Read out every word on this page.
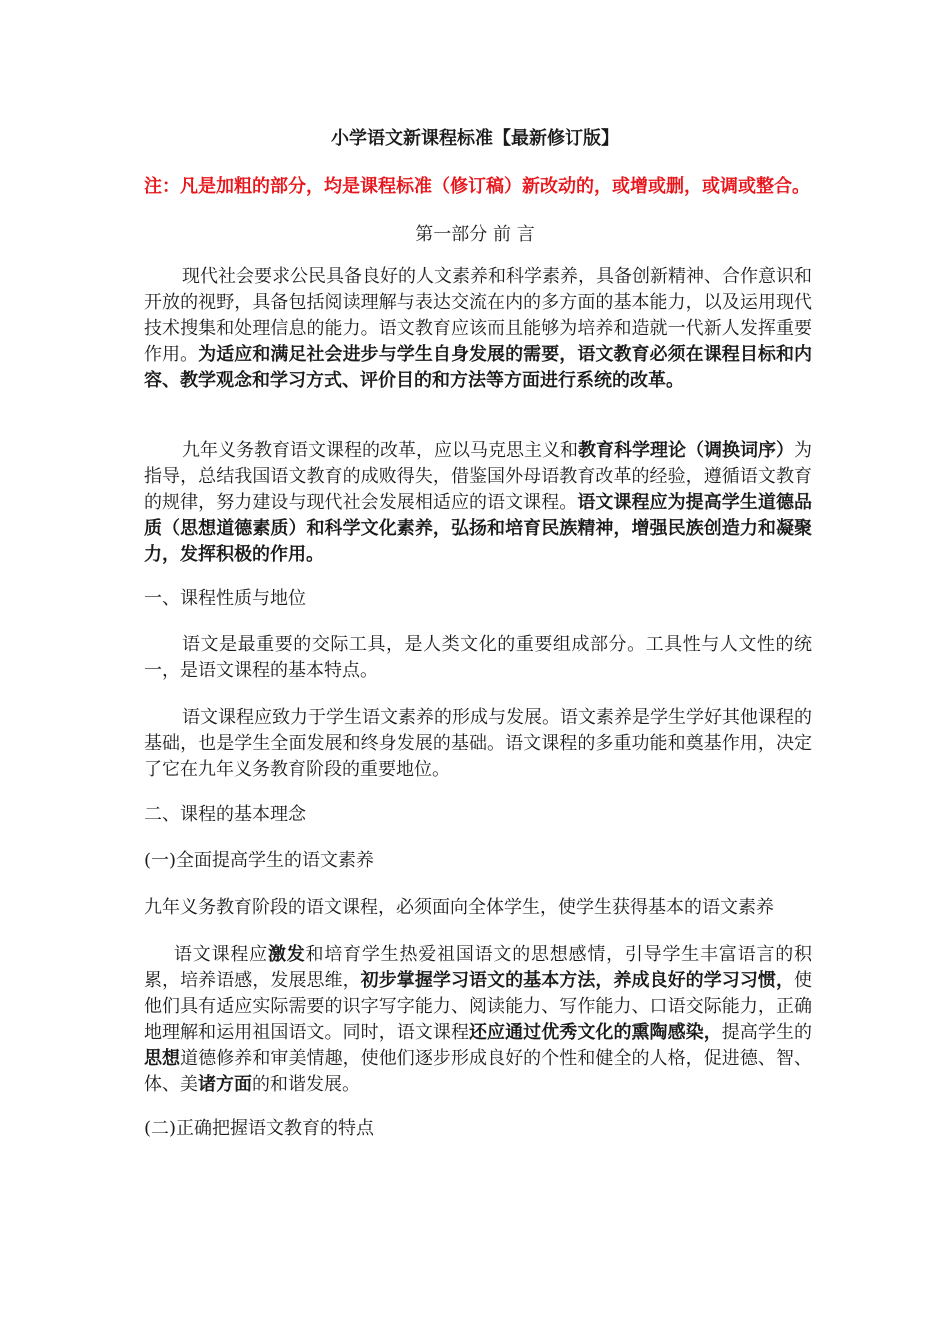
小学语文新课程标准【最新修订版】
注：凡是加粗的部分，均是课程标准（修订稿）新改动的，或增或删，或调或整合。
第一部分 前 言
现代社会要求公民具备良好的人文素养和科学素养，具备创新精神、合作意识和开放的视野，具备包括阅读理解与表达交流在内的多方面的基本能力，以及运用现代技术搜集和处理信息的能力。语文教育应该而且能够为培养和造就一代新人发挥重要作用。为适应和满足社会进步与学生自身发展的需要，语文教育必须在课程目标和内容、教学观念和学习方式、评价目的和方法等方面进行系统的改革。
九年义务教育语文课程的改革，应以马克思主义和教育科学理论（调换词序）为指导，总结我国语文教育的成败得失，借鉴国外母语教育改革的经验，遵循语文教育的规律，努力建设与现代社会发展相适应的语文课程。语文课程应为提高学生道德品质（思想道德素质）和科学文化素养，弘扬和培育民族精神，增强民族创造力和凝聚力，发挥积极的作用。
一、课程性质与地位
语文是最重要的交际工具，是人类文化的重要组成部分。工具性与人文性的统一，是语文课程的基本特点。
语文课程应致力于学生语文素养的形成与发展。语文素养是学生学好其他课程的基础，也是学生全面发展和终身发展的基础。语文课程的多重功能和奠基作用，决定了它在九年义务教育阶段的重要地位。
二、课程的基本理念
(一)全面提高学生的语文素养
九年义务教育阶段的语文课程，必须面向全体学生，使学生获得基本的语文素养
语文课程应激发和培育学生热爱祖国语文的思想感情，引导学生丰富语言的积累，培养语感，发展思维，初步掌握学习语文的基本方法，养成良好的学习习惯，使他们具有适应实际需要的识字写字能力、阅读能力、写作能力、口语交际能力，正确地理解和运用祖国语文。同时，语文课程还应通过优秀文化的熏陶感染，提高学生的思想道德修养和审美情趣，使他们逐步形成良好的个性和健全的人格，促进德、智、体、美诸方面的和谐发展。
(二)正确把握语文教育的特点
